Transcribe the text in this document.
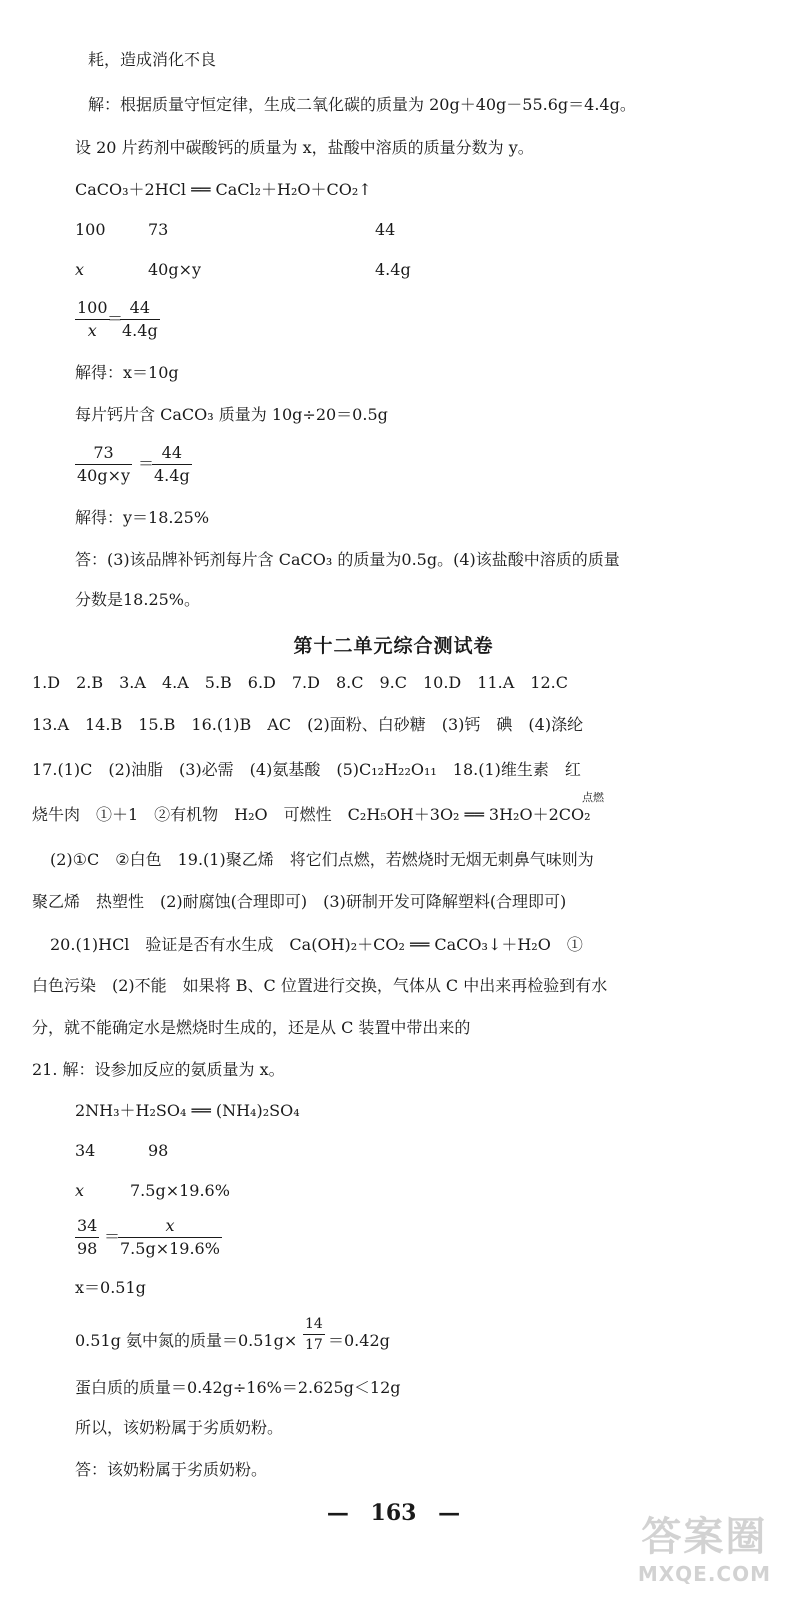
耗，造成消化不良
解：根据质量守恒定律，生成二氧化碳的质量为 20g＋40g－55.6g＝4.4g。
设 20 片药剂中碳酸钙的质量为 x，盐酸中溶质的质量分数为 y。
CaCO₃＋2HCl ══ CaCl₂＋H₂O＋CO₂↑
100	73	44
x	40g×y	4.4g
$\frac{100}{x}$
＝
$\frac{44}{4.4g}$
解得：x＝10g
每片钙片含 CaCO₃ 质量为 10g÷20＝0.5g
$\frac{73}{40g\times y}$ ＝
$\frac{44}{4.4g}$
解得：y＝18.25%
答：(3)该品牌补钙剂每片含 CaCO₃ 的质量为0.5g。(4)该盐酸中溶质的质量
分数是18.25%。
第十二单元综合测试卷
1.D　2.B　3.A　4.A　5.B　6.D　7.D　8.C　9.C　10.D　11.A　12.C
13.A　14.B　15.B　16.(1)B　AC　(2)面粉、白砂糖　(3)钙　碘　(4)涤纶
17.(1)C　(2)油脂　(3)必需　(4)氨基酸　(5)C₁₂H₂₂O₁₁　18.(1)维生素　红
烧牛肉　①＋1　②有机物　H₂O　可燃性　C₂H₅OH＋3O₂ ══ 3H₂O＋2CO₂
点燃
(2)①C　②白色　19.(1)聚乙烯　将它们点燃，若燃烧时无烟无刺鼻气味则为
聚乙烯　热塑性　(2)耐腐蚀(合理即可)　(3)研制开发可降解塑料(合理即可)
20.(1)HCl　验证是否有水生成　Ca(OH)₂＋CO₂ ══ CaCO₃↓＋H₂O　①
白色污染　(2)不能　如果将 B、C 位置进行交换，气体从 C 中出来再检验到有水
分，就不能确定水是燃烧时生成的，还是从 C 装置中带出来的
21. 解：设参加反应的氨质量为 x。
2NH₃＋H₂SO₄ ══ (NH₄)₂SO₄
34	98
x	7.5g×19.6%
$\frac{34}{98}$ ＝
$\frac{x}{7.5g\times 19.6\%}$
x＝0.51g
0.51g 氨中氮的质量$=0.51g\times \frac{14}{17} =0.42g$
蛋白质的质量＝0.42g÷16%＝2.625g＜12g
所以，该奶粉属于劣质奶粉。
答：该奶粉属于劣质奶粉。
— 163 —
答案圈
MXQE.COM
